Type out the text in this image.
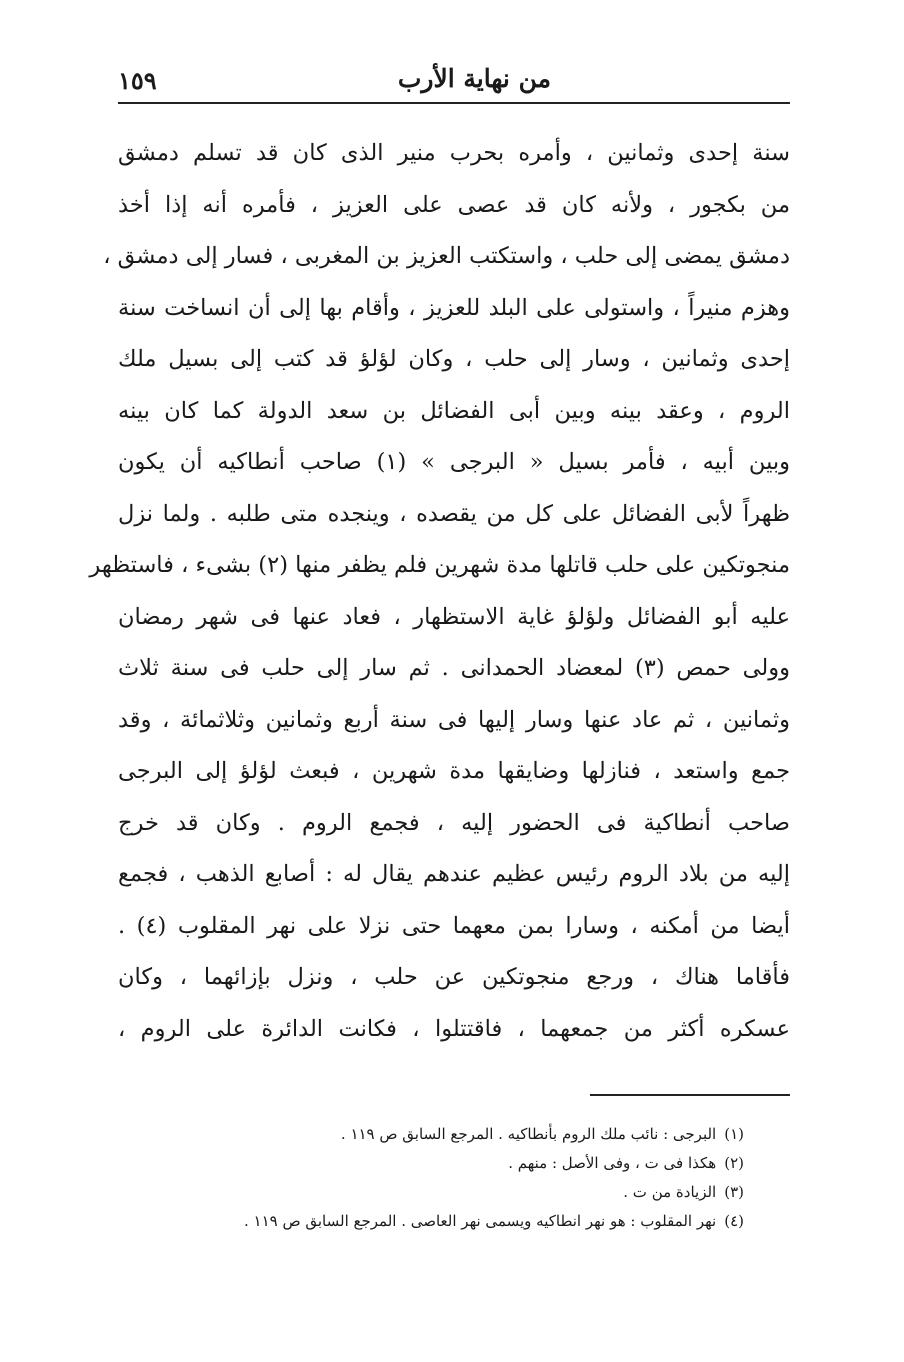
من نهاية الأرب
١٥٩
سنة إحدى وثمانين ، وأمره بحرب منير الذى كان قد تسلم دمشق
من بكجور ، ولأنه كان قد عصى على العزيز ، فأمره أنه إذا أخذ
دمشق يمضى إلى حلب ، واستكتب العزيز بن المغربى ، فسار إلى دمشق ،
وهزم منيراً ، واستولى على البلد للعزيز ، وأقام بها إلى أن انساخت سنة
إحدى وثمانين ، وسار إلى حلب ، وكان لؤلؤ قد كتب إلى بسيل ملك
الروم ، وعقد بينه وبين أبى الفضائل بن سعد الدولة كما كان بينه
وبين أبيه ، فأمر بسيل « البرجى » (١) صاحب أنطاكيه أن يكون
ظهراً لأبى الفضائل على كل من يقصده ، وينجده متى طلبه . ولما نزل
منجوتكين على حلب قاتلها مدة شهرين فلم يظفر منها (٢) بشىء ، فاستظهر
عليه أبو الفضائل ولؤلؤ غاية الاستظهار ، فعاد عنها فى شهر رمضان
وولى حمص (٣) لمعضاد الحمدانى . ثم سار إلى حلب فى سنة ثلاث
وثمانين ، ثم عاد عنها وسار إليها فى سنة أربع وثمانين وثلاثمائة ، وقد
جمع واستعد ، فنازلها وضايقها مدة شهرين ، فبعث لؤلؤ إلى البرجى
صاحب أنطاكية فى الحضور إليه ، فجمع الروم . وكان قد خرج
إليه من بلاد الروم رئيس عظيم عندهم يقال له : أصابع الذهب ، فجمع
أيضا من أمكنه ، وسارا بمن معهما حتى نزلا على نهر المقلوب (٤) .
فأقاما هناك ، ورجع منجوتكين عن حلب ، ونزل بإزائهما ، وكان
عسكره أكثر من جمعهما ، فاقتتلوا ، فكانت الدائرة على الروم ،
(١)البرجى : نائب ملك الروم بأنطاكيه . المرجع السابق ص ١١٩ .
(٢)هكذا فى ت ، وفى الأصل : منهم .
(٣)الزيادة من ت .
(٤)نهر المقلوب : هو نهر انطاكيه ويسمى نهر العاصى . المرجع السابق ص ١١٩ .
